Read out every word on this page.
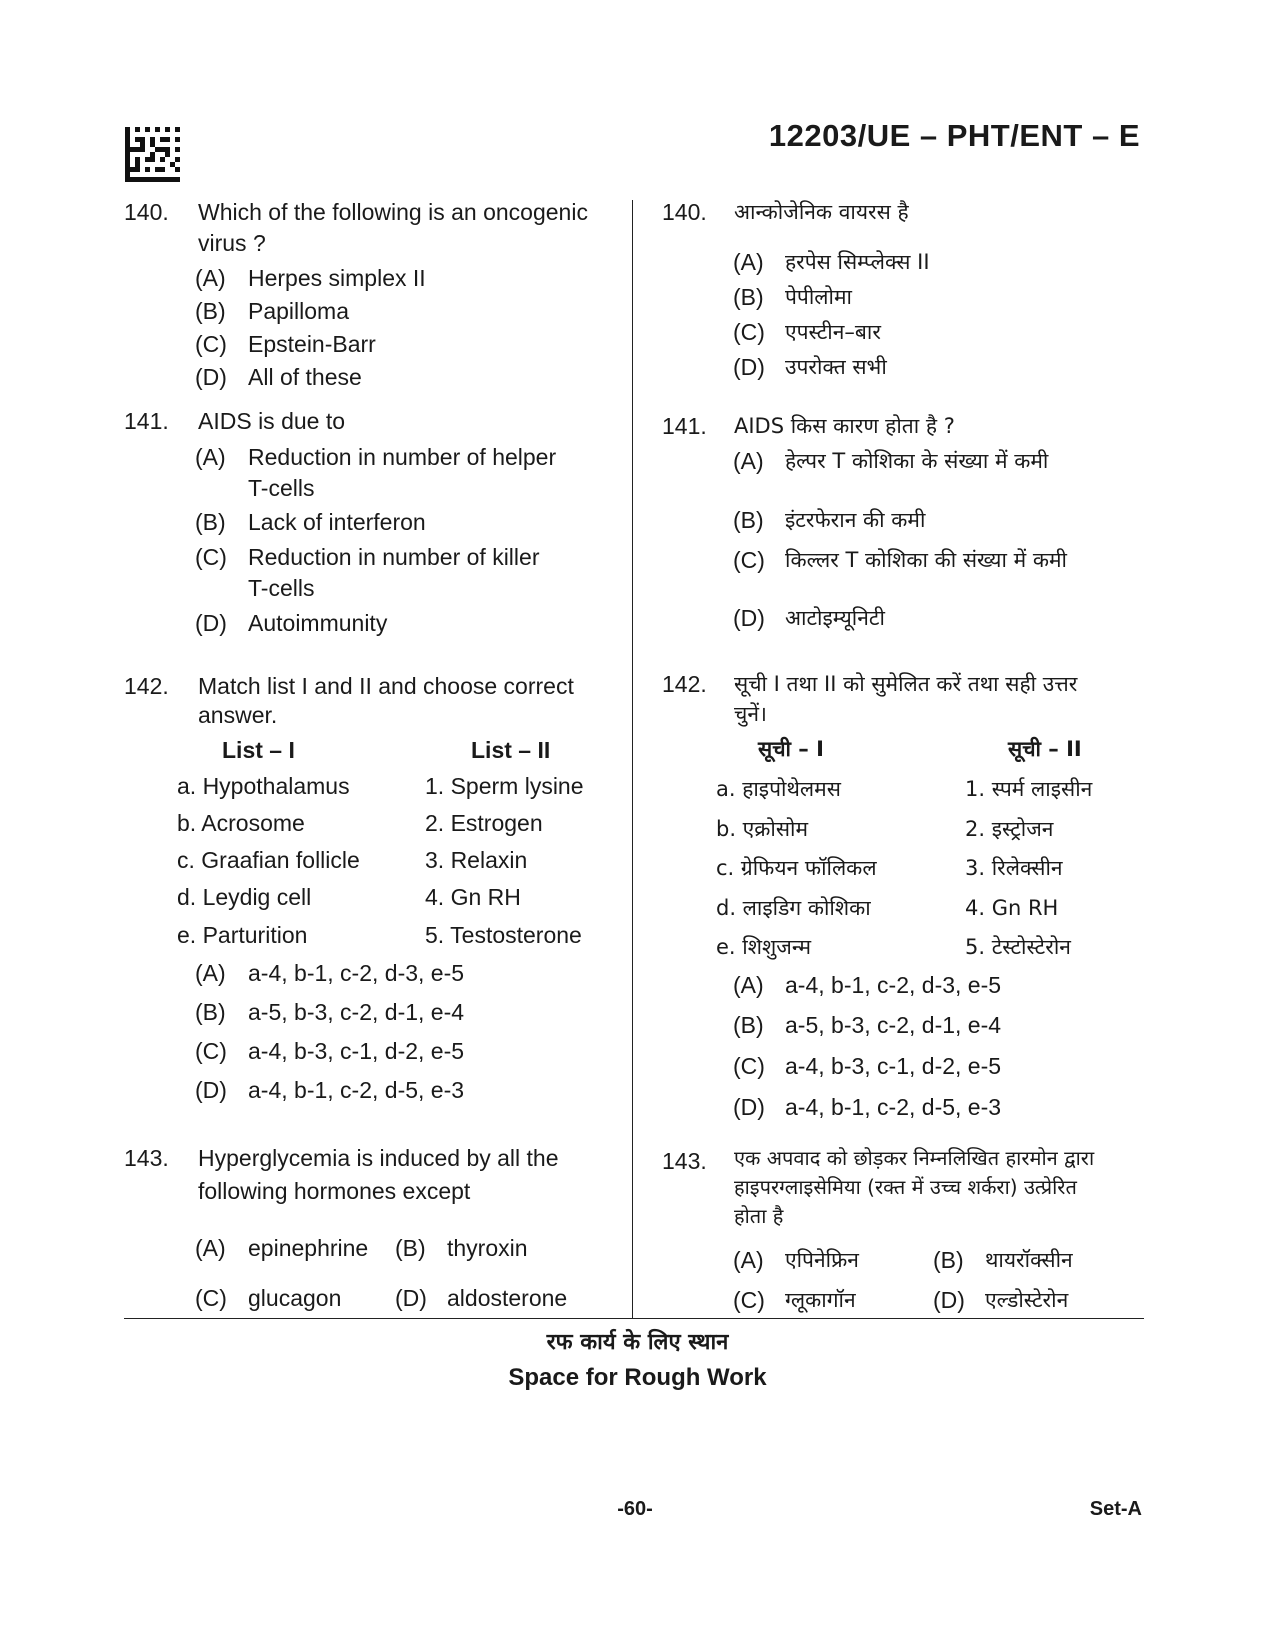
12203/UE – PHT/ENT – E
140. Which of the following is an oncogenic
virus ?
(A) Herpes simplex II
(B) Papilloma
(C) Epstein-Barr
(D) All of these
141. AIDS is due to
(A) Reduction in number of helper
T-cells
(B) Lack of interferon
(C) Reduction in number of killer
T-cells
(D) Autoimmunity
142. Match list I and II and choose correct
answer.
List – I	List – II
a. Hypothalamus	1. Sperm lysine
b. Acrosome	2. Estrogen
c. Graafian follicle	3. Relaxin
d. Leydig cell	4. Gn RH
e. Parturition	5. Testosterone
(A) a-4, b-1, c-2, d-3, e-5
(B) a-5, b-3, c-2, d-1, e-4
(C) a-4, b-3, c-1, d-2, e-5
(D) a-4, b-1, c-2, d-5, e-3
143. Hyperglycemia is induced by all the
following hormones except
(A) epinephrine (B) thyroxin
(C) glucagon (D) aldosterone
140. आन्कोजेनिक वायरस है
(A) हरपेस सिम्प्लेक्स II
(B) पेपीलोमा
(C) एपस्टीन–बार
(D) उपरोक्त सभी
141. AIDS किस कारण होता है ?
(A) हेल्पर T कोशिका के संख्या में कमी
(B) इंटरफेरान की कमी
(C) किल्लर T कोशिका की संख्या में कमी
(D) आटोइम्यूनिटी
142. सूची I तथा II को सुमेलित करें तथा सही उत्तर
चुनें।
सूची – I	सूची – II
a. हाइपोथेलमस	1. स्पर्म लाइसीन
b. एक्रोसोम	2. इस्ट्रोजन
c. ग्रेफियन फॉलिकल	3. रिलेक्सीन
d. लाइडिग कोशिका	4. Gn RH
e. शिशुजन्म	5. टेस्टोस्टेरोन
(A) a-4, b-1, c-2, d-3, e-5
(B) a-5, b-3, c-2, d-1, e-4
(C) a-4, b-3, c-1, d-2, e-5
(D) a-4, b-1, c-2, d-5, e-3
143. एक अपवाद को छोड़कर निम्नलिखित हारमोन द्वारा
हाइपरग्लाइसेमिया (रक्त में उच्च शर्करा) उत्प्रेरित
होता है
(A) एपिनेफ्रिन	(B) थायरॉक्सीन
(C) ग्लूकागॉन	(D) एल्डोस्टेरोन
रफ कार्य के लिए स्थान
Space for Rough Work
-60-	Set-A
